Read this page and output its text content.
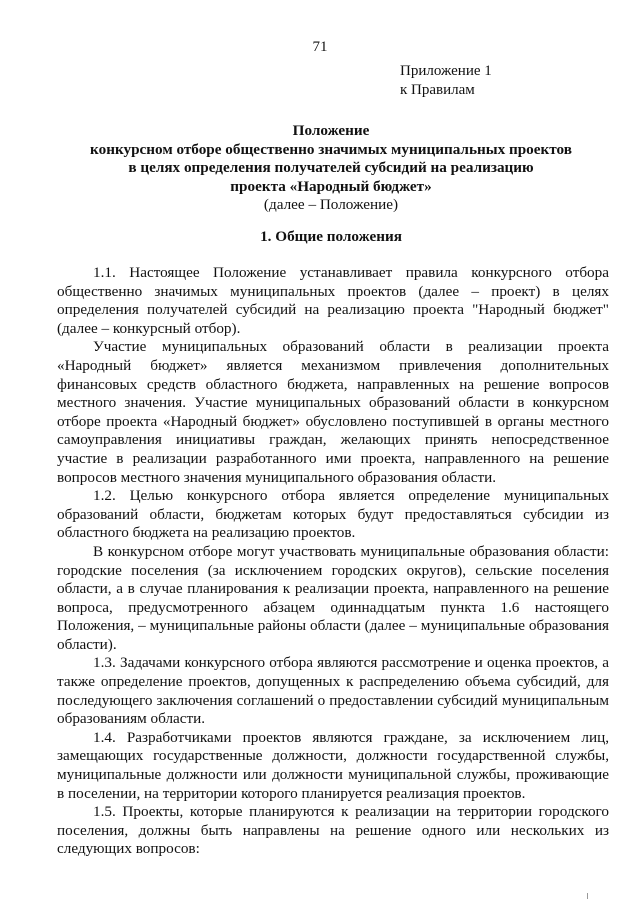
71
Приложение 1
к Правилам
Положение
конкурсном отборе общественно значимых муниципальных проектов
в целях определения получателей субсидий на реализацию
проекта «Народный бюджет»
(далее – Положение)
1. Общие положения

1.1. Настоящее Положение устанавливает правила конкурсного отбора общественно значимых муниципальных проектов (далее – проект) в целях определения получателей субсидий на реализацию проекта "Народный бюджет" (далее – конкурсный отбор).

Участие муниципальных образований области в реализации проекта «Народный бюджет» является механизмом привлечения дополнительных финансовых средств областного бюджета, направленных на решение вопросов местного значения. Участие муниципальных образований области в конкурсном отборе проекта «Народный бюджет» обусловлено поступившей в органы местного самоуправления инициативы граждан, желающих принять непосредственное участие в реализации разработанного ими проекта, направленного на решение вопросов местного значения муниципального образования области.

1.2. Целью конкурсного отбора является определение муниципальных образований области, бюджетам которых будут предоставляться субсидии из областного бюджета на реализацию проектов.

В конкурсном отборе могут участвовать муниципальные образования области: городские поселения (за исключением городских округов), сельские поселения области, а в случае планирования к реализации проекта, направленного на решение вопроса, предусмотренного абзацем одиннадцатым пункта 1.6 настоящего Положения, – муниципальные районы области (далее – муниципальные образования области).

1.3. Задачами конкурсного отбора являются рассмотрение и оценка проектов, а также определение проектов, допущенных к распределению объема субсидий, для последующего заключения соглашений о предоставлении субсидий муниципальным образованиям области.

1.4. Разработчиками проектов являются граждане, за исключением лиц, замещающих государственные должности, должности государственной службы, муниципальные должности или должности муниципальной службы, проживающие в поселении, на территории которого планируется реализация проектов.

1.5. Проекты, которые планируются к реализации на территории городского поселения, должны быть направлены на решение одного или нескольких из следующих вопросов:
